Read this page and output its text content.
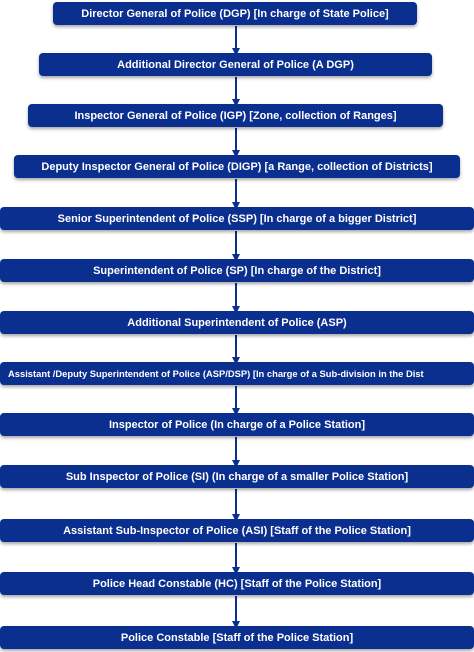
Director General of Police (DGP) [In charge of State Police]
Additional Director General of Police (A DGP)
Inspector General of Police (IGP) [Zone, collection of Ranges]
Deputy Inspector General of Police (DIGP) [a Range, collection of Districts]
Senior Superintendent of Police (SSP) [In charge of a bigger District]
Superintendent of Police (SP) [In charge of the District]
Additional Superintendent of Police (ASP)
Assistant /Deputy Superintendent of Police (ASP/DSP) [In charge of a Sub-division in the Dist
Inspector of Police (In charge of a Police Station]
Sub Inspector of Police (SI) (In charge of a smaller Police Station]
Assistant Sub-Inspector of Police (ASI) [Staff of the Police Station]
Police Head Constable (HC) [Staff of the Police Station]
Police Constable [Staff of the Police Station]
